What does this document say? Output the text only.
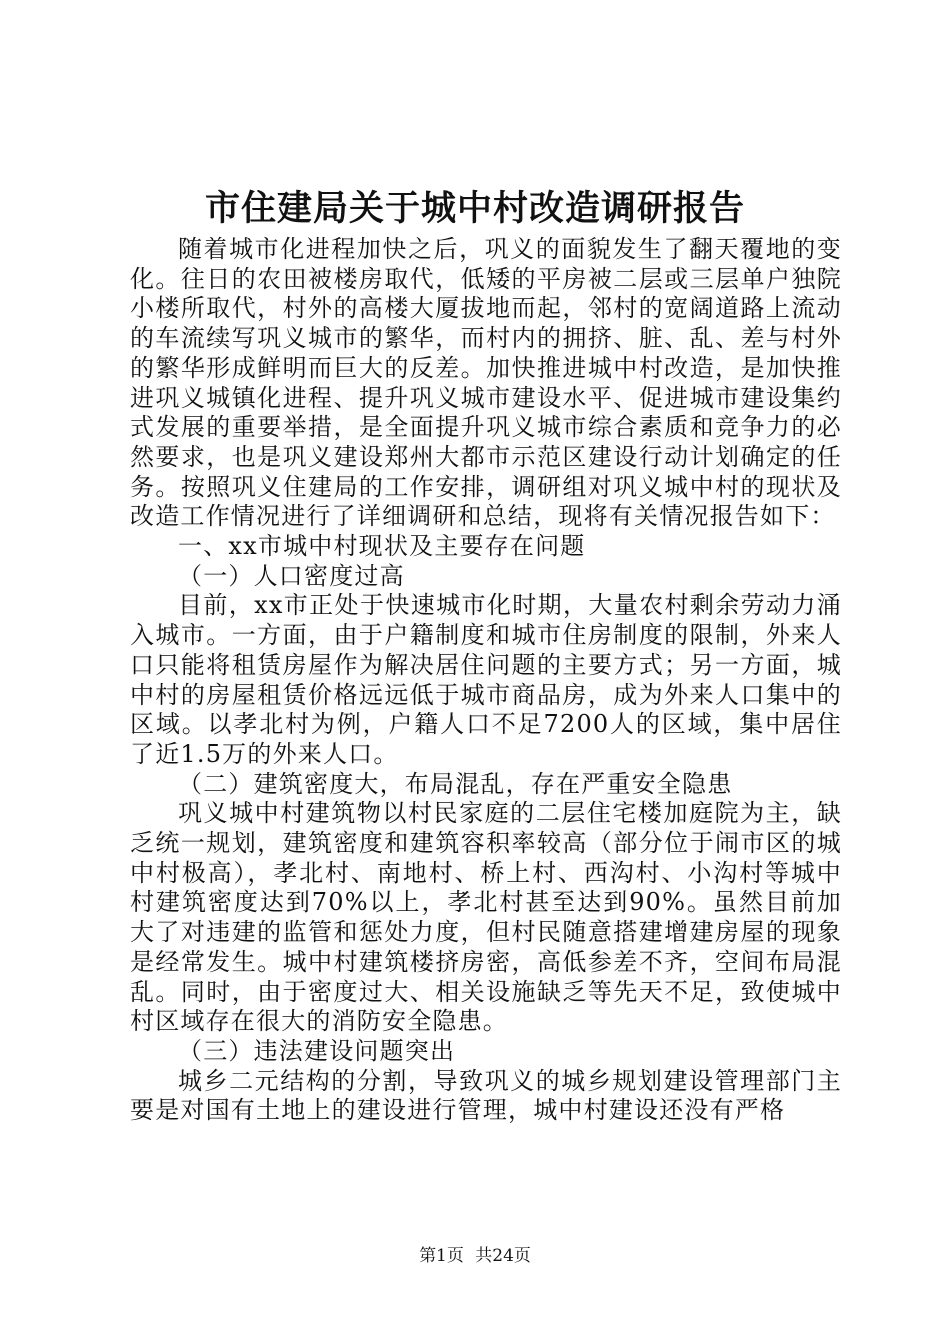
市住建局关于城中村改造调研报告

随着城市化进程加快之后，巩义的面貌发生了翻天覆地的变化。往日的农田被楼房取代，低矮的平房被二层或三层单户独院小楼所取代，村外的高楼大厦拔地而起，邻村的宽阔道路上流动的车流续写巩义城市的繁华，而村内的拥挤、脏、乱、差与村外的繁华形成鲜明而巨大的反差。加快推进城中村改造，是加快推进巩义城镇化进程、提升巩义城市建设水平、促进城市建设集约式发展的重要举措，是全面提升巩义城市综合素质和竞争力的必然要求，也是巩义建设郑州大都市示范区建设行动计划确定的任务。按照巩义住建局的工作安排，调研组对巩义城中村的现状及改造工作情况进行了详细调研和总结，现将有关情况报告如下：

一、xx市城中村现状及主要存在问题

（一）人口密度过高

目前，xx市正处于快速城市化时期，大量农村剩余劳动力涌入城市。一方面，由于户籍制度和城市住房制度的限制，外来人口只能将租赁房屋作为解决居住问题的主要方式；另一方面，城中村的房屋租赁价格远远低于城市商品房，成为外来人口集中的区域。以孝北村为例，户籍人口不足7200人的区域，集中居住了近1.5万的外来人口。

（二）建筑密度大，布局混乱，存在严重安全隐患

巩义城中村建筑物以村民家庭的二层住宅楼加庭院为主，缺乏统一规划，建筑密度和建筑容积率较高（部分位于闹市区的城中村极高），孝北村、南地村、桥上村、西沟村、小沟村等城中村建筑密度达到70%以上，孝北村甚至达到90%。虽然目前加大了对违建的监管和惩处力度，但村民随意搭建增建房屋的现象是经常发生。城中村建筑楼挤房密，高低参差不齐，空间布局混乱。同时，由于密度过大、相关设施缺乏等先天不足，致使城中村区域存在很大的消防安全隐患。

（三）违法建设问题突出

城乡二元结构的分割，导致巩义的城乡规划建设管理部门主要是对国有土地上的建设进行管理，城中村建设还没有严格

第1页 共24页
